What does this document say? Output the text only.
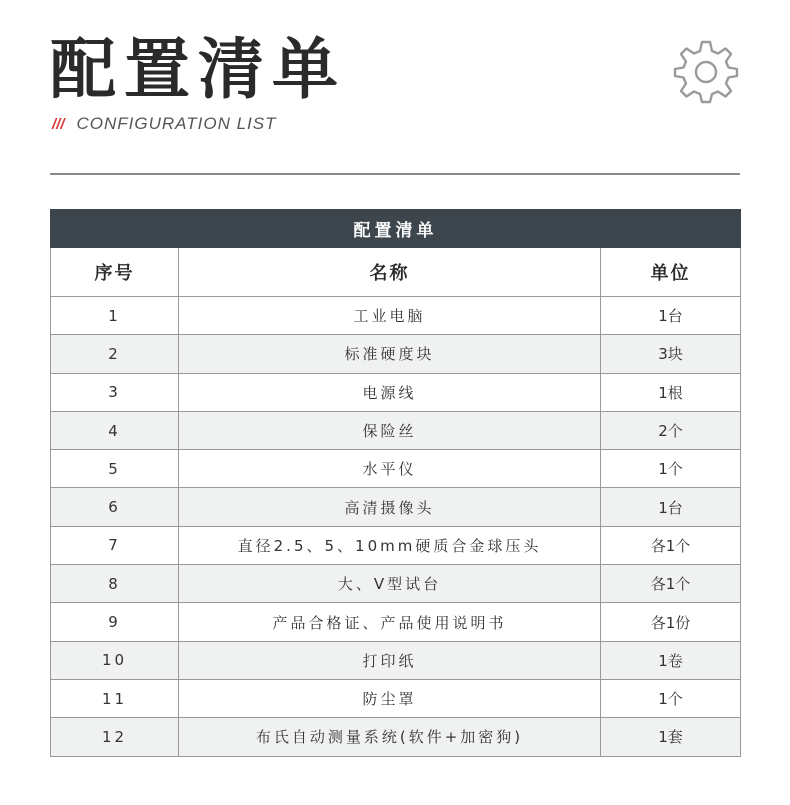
配置清单
/// CONFIGURATION LIST
配置清单		
序号	名称	单位
1	工业电脑	1台
2	标准硬度块	3块
3	电源线	1根
4	保险丝	2个
5	水平仪	1个
6	高清摄像头	1台
7	直径2.5、5、10mm硬质合金球压头	各1个
8	大、V型试台	各1个
9	产品合格证、产品使用说明书	各1份
10	打印纸	1卷
11	防尘罩	1个
12	布氏自动测量系统(软件+加密狗)	1套
